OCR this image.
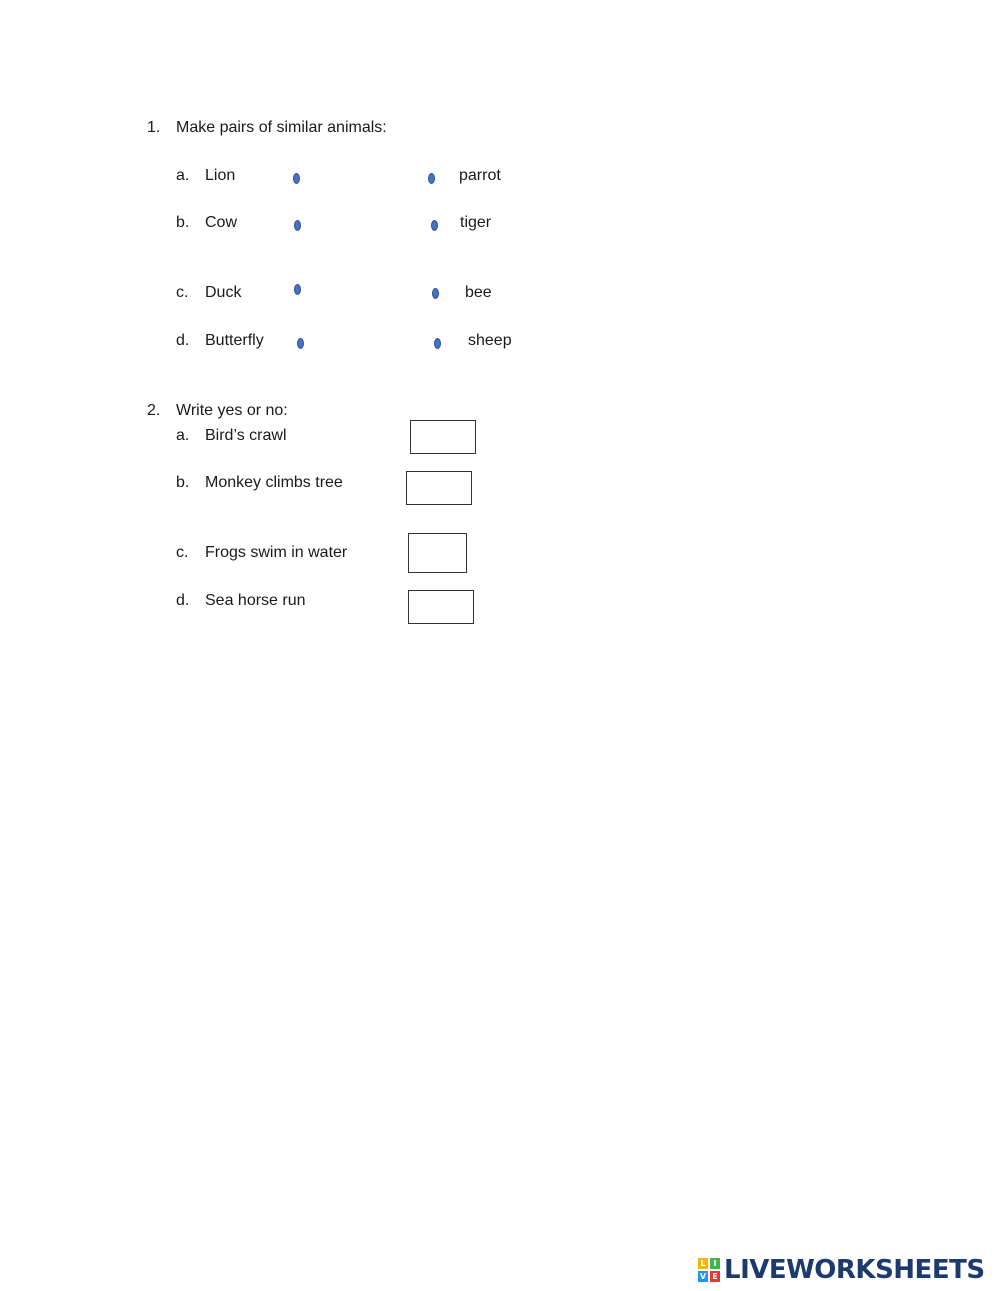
1. Make pairs of similar animals:
a. Lion	parrot
b. Cow	tiger
c. Duck	bee
d. Butterfly	sheep
2. Write yes or no:
a. Bird’s crawl
b. Monkey climbs tree
c. Frogs swim in water
d. Sea horse run
L I
V E LIVEWORKSHEETS
